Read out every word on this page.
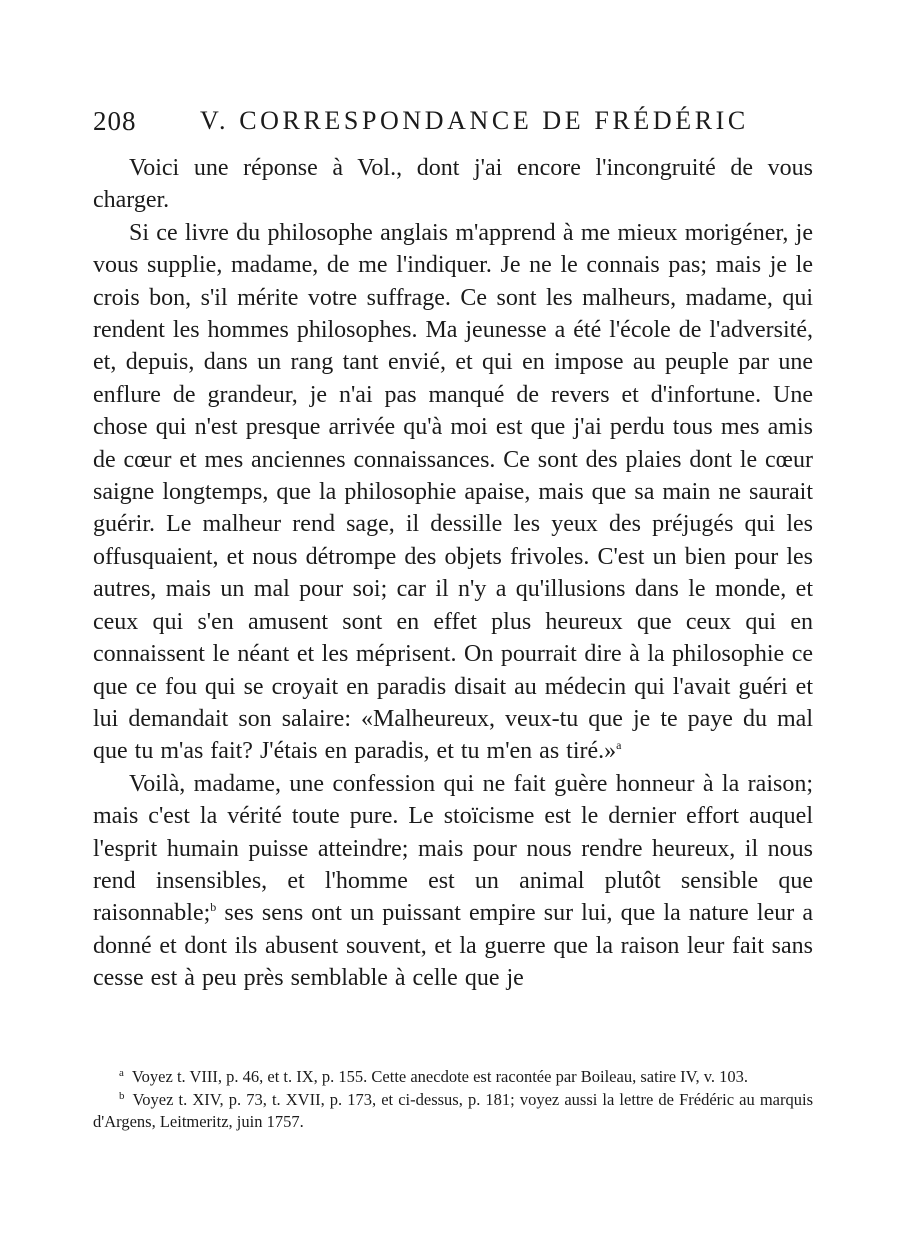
208 V. CORRESPONDANCE DE FRÉDÉRIC

Voici une réponse à Vol., dont j'ai encore l'incongruité de vous charger.

Si ce livre du philosophe anglais m'apprend à me mieux morigéner, je vous supplie, madame, de me l'indiquer. Je ne le connais pas; mais je le crois bon, s'il mérite votre suffrage. Ce sont les malheurs, madame, qui rendent les hommes philosophes. Ma jeunesse a été l'école de l'adversité, et, depuis, dans un rang tant envié, et qui en impose au peuple par une enflure de grandeur, je n'ai pas manqué de revers et d'infortune. Une chose qui n'est presque arrivée qu'à moi est que j'ai perdu tous mes amis de cœur et mes anciennes connaissances. Ce sont des plaies dont le cœur saigne longtemps, que la philosophie apaise, mais que sa main ne saurait guérir. Le malheur rend sage, il dessille les yeux des préjugés qui les offusquaient, et nous détrompe des objets frivoles. C'est un bien pour les autres, mais un mal pour soi; car il n'y a qu'illusions dans le monde, et ceux qui s'en amusent sont en effet plus heureux que ceux qui en connaissent le néant et les méprisent. On pourrait dire à la philosophie ce que ce fou qui se croyait en paradis disait au médecin qui l'avait guéri et lui demandait son salaire: «Malheureux, veux-tu que je te paye du mal que tu m'as fait? J'étais en paradis, et tu m'en as tiré.»$^a$

Voilà, madame, une confession qui ne fait guère honneur à la raison; mais c'est la vérité toute pure. Le stoïcisme est le dernier effort auquel l'esprit humain puisse atteindre; mais pour nous rendre heureux, il nous rend insensibles, et l'homme est un animal plutôt sensible que raisonnable;$^b$ ses sens ont un puissant empire sur lui, que la nature leur a donné et dont ils abusent souvent, et la guerre que la raison leur fait sans cesse est à peu près semblable à celle que je

$^a$ Voyez t. VIII, p. 46, et t. IX, p. 155. Cette anecdote est racontée par Boileau, satire IV, v. 103.

$^b$ Voyez t. XIV, p. 73, t. XVII, p. 173, et ci-dessus, p. 181; voyez aussi la lettre de Frédéric au marquis d'Argens, Leitmeritz, juin 1757.
